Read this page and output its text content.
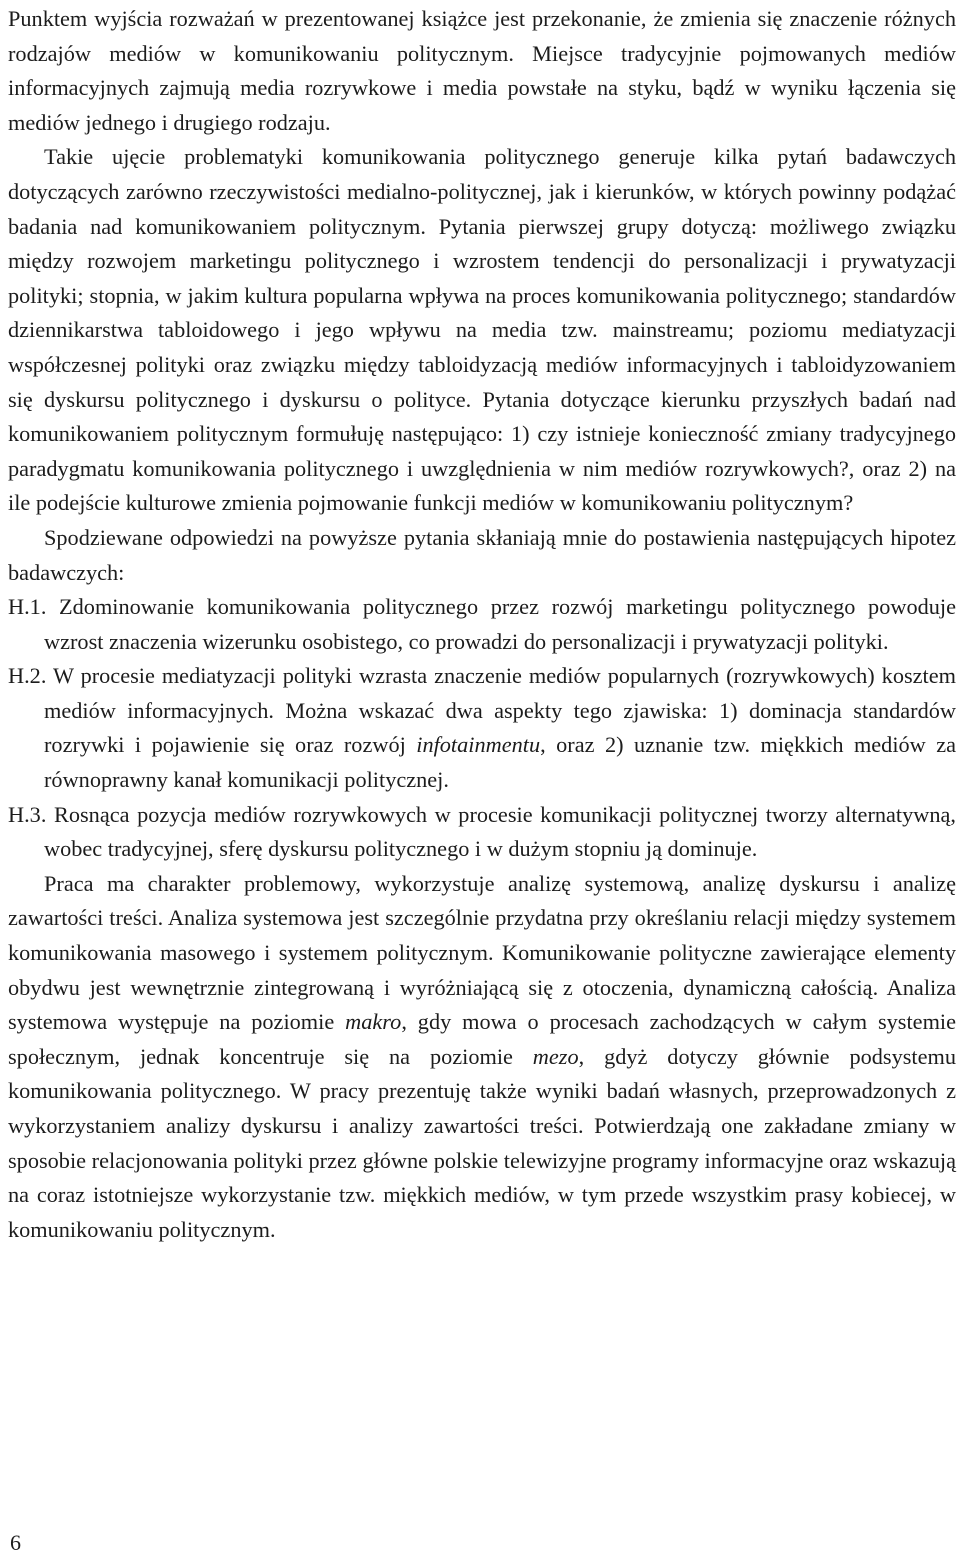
Punktem wyjścia rozważań w prezentowanej książce jest przekonanie, że zmienia się znaczenie różnych rodzajów mediów w komunikowaniu politycznym. Miejsce tradycyjnie pojmowanych mediów informacyjnych zajmują media rozrywkowe i media powstałe na styku, bądź w wyniku łączenia się mediów jednego i drugiego rodzaju.

Takie ujęcie problematyki komunikowania politycznego generuje kilka pytań badawczych dotyczących zarówno rzeczywistości medialno-politycznej, jak i kierunków, w których powinny podążać badania nad komunikowaniem politycznym. Pytania pierwszej grupy dotyczą: możliwego związku między rozwojem marketingu politycznego i wzrostem tendencji do personalizacji i prywatyzacji polityki; stopnia, w jakim kultura popularna wpływa na proces komunikowania politycznego; standardów dziennikarstwa tabloidowego i jego wpływu na media tzw. mainstreamu; poziomu mediatyzacji współczesnej polityki oraz związku między tabloidyzacją mediów informacyjnych i tabloidyzowaniem się dyskursu politycznego i dyskursu o polityce. Pytania dotyczące kierunku przyszłych badań nad komunikowaniem politycznym formułuję następująco: 1) czy istnieje konieczność zmiany tradycyjnego paradygmatu komunikowania politycznego i uwzględnienia w nim mediów rozrywkowych?, oraz 2) na ile podejście kulturowe zmienia pojmowanie funkcji mediów w komunikowaniu politycznym?

Spodziewane odpowiedzi na powyższe pytania skłaniają mnie do postawienia następujących hipotez badawczych:

H.1. Zdominowanie komunikowania politycznego przez rozwój marketingu politycznego powoduje wzrost znaczenia wizerunku osobistego, co prowadzi do personalizacji i prywatyzacji polityki.

H.2. W procesie mediatyzacji polityki wzrasta znaczenie mediów popularnych (rozrywkowych) kosztem mediów informacyjnych. Można wskazać dwa aspekty tego zjawiska: 1) dominacja standardów rozrywki i pojawienie się oraz rozwój infotainmentu, oraz 2) uznanie tzw. miękkich mediów za równoprawny kanał komunikacji politycznej.

H.3. Rosnąca pozycja mediów rozrywkowych w procesie komunikacji politycznej tworzy alternatywną, wobec tradycyjnej, sferę dyskursu politycznego i w dużym stopniu ją dominuje.

Praca ma charakter problemowy, wykorzystuje analizę systemową, analizę dyskursu i analizę zawartości treści. Analiza systemowa jest szczególnie przydatna przy określaniu relacji między systemem komunikowania masowego i systemem politycznym. Komunikowanie polityczne zawierające elementy obydwu jest wewnętrznie zintegrowaną i wyróżniającą się z otoczenia, dynamiczną całością. Analiza systemowa występuje na poziomie makro, gdy mowa o procesach zachodzących w całym systemie społecznym, jednak koncentruje się na poziomie mezo, gdyż dotyczy głównie podsystemu komunikowania politycznego. W pracy prezentuję także wyniki badań własnych, przeprowadzonych z wykorzystaniem analizy dyskursu i analizy zawartości treści. Potwierdzają one zakładane zmiany w sposobie relacjonowania polityki przez główne polskie telewizyjne programy informacyjne oraz wskazują na coraz istotniejsze wykorzystanie tzw. miękkich mediów, w tym przede wszystkim prasy kobiecej, w komunikowaniu politycznym.

6
